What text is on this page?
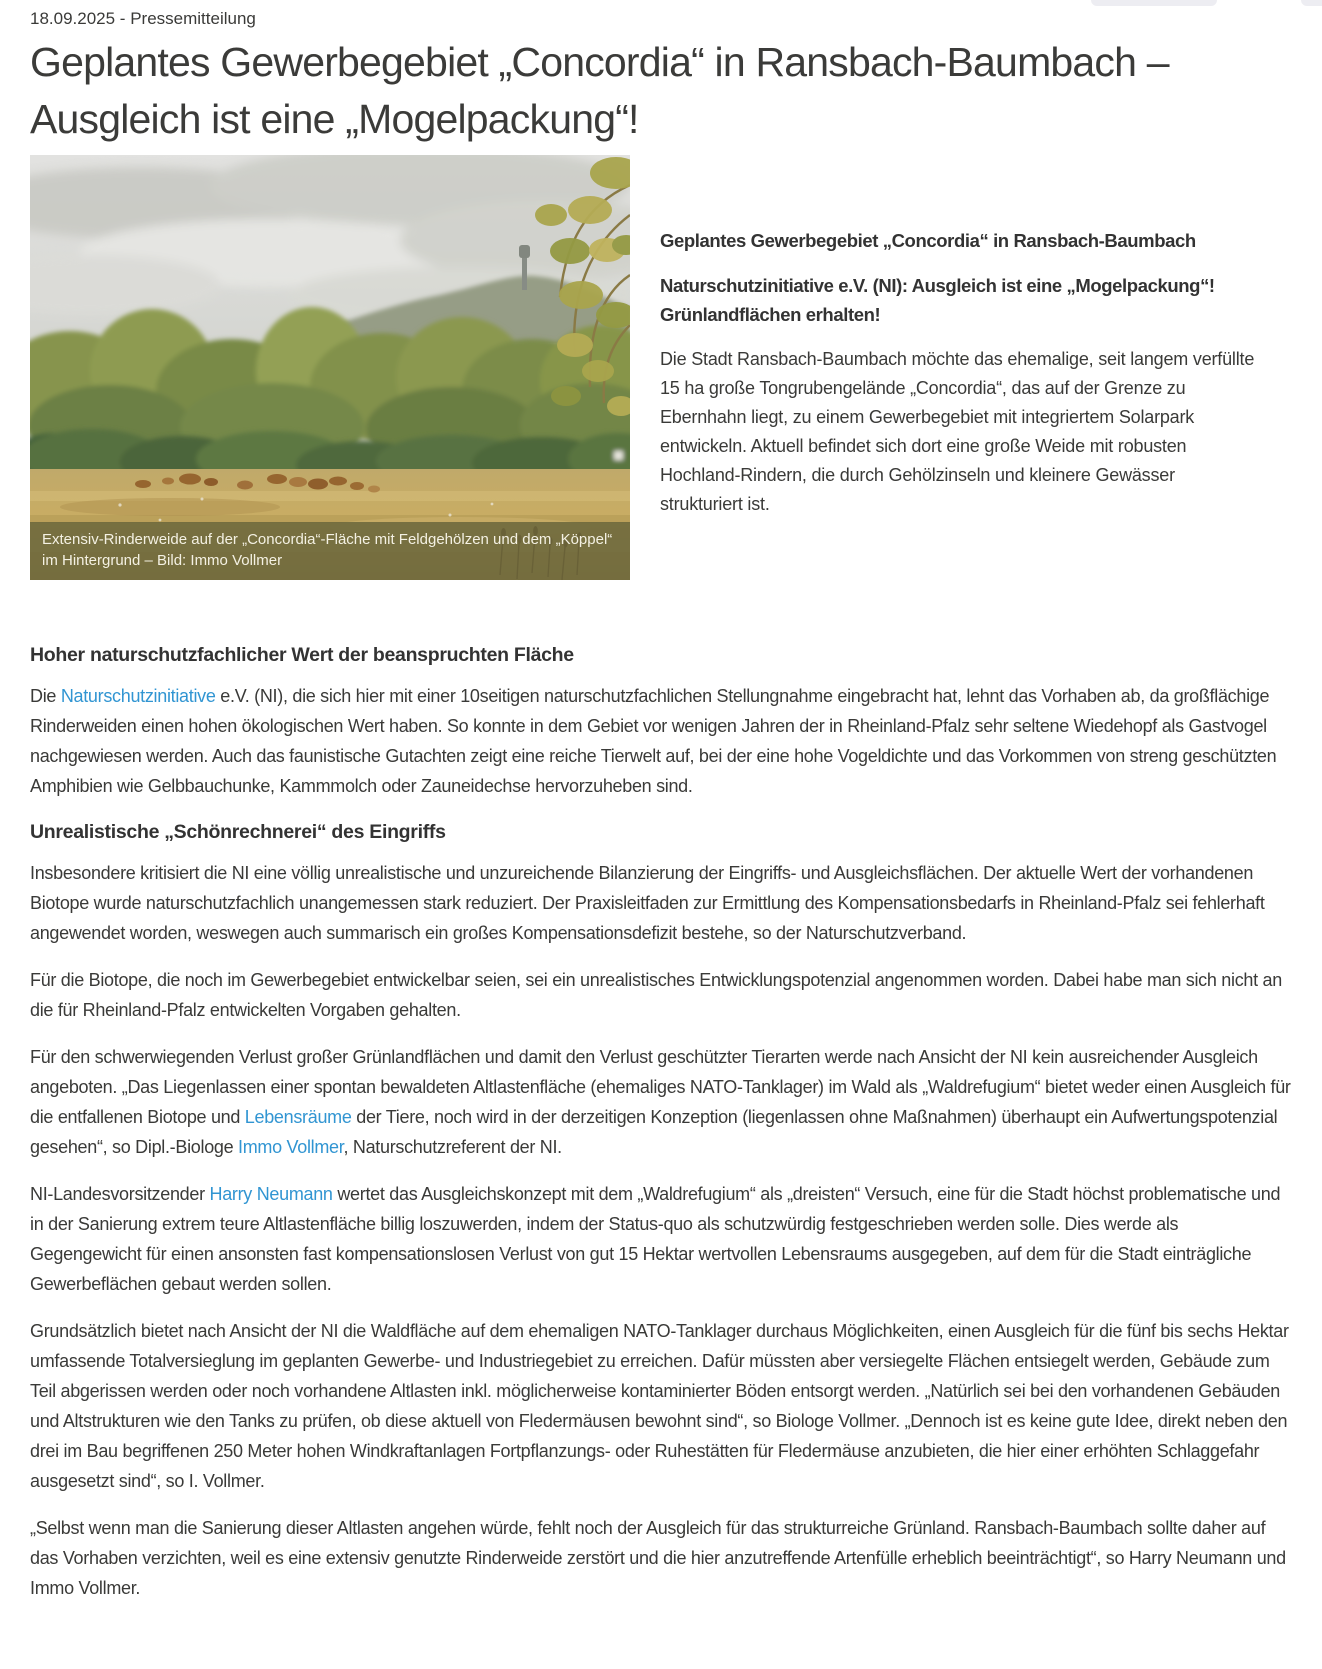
18.09.2025 - Pressemitteilung
Geplantes Gewerbegebiet „Concordia“ in Ransbach-Baumbach – Ausgleich ist eine „Mogelpackung“!
Extensiv-Rinderweide auf der „Concordia“-Fläche mit Feldgehölzen und dem „Köppel“ im Hintergrund – Bild: Immo Vollmer

Geplantes Gewerbegebiet „Concordia“ in Ransbach-Baumbach

Naturschutzinitiative e.V. (NI): Ausgleich ist eine „Mogelpackung“!
Grünlandflächen erhalten!

Die Stadt Ransbach-Baumbach möchte das ehemalige, seit langem verfüllte 15 ha große Tongrubengelände „Concordia“, das auf der Grenze zu Ebernhahn liegt, zu einem Gewerbegebiet mit integriertem Solarpark entwickeln. Aktuell befindet sich dort eine große Weide mit robusten Hochland-Rindern, die durch Gehölzinseln und kleinere Gewässer strukturiert ist.

Hoher naturschutzfachlicher Wert der beanspruchten Fläche

Die Naturschutzinitiative e.V. (NI), die sich hier mit einer 10seitigen naturschutzfachlichen Stellungnahme eingebracht hat, lehnt das Vorhaben ab, da großflächige Rinderweiden einen hohen ökologischen Wert haben. So konnte in dem Gebiet vor wenigen Jahren der in Rheinland-Pfalz sehr seltene Wiedehopf als Gastvogel nachgewiesen werden. Auch das faunistische Gutachten zeigt eine reiche Tierwelt auf, bei der eine hohe Vogeldichte und das Vorkommen von streng geschützten Amphibien wie Gelbbauchunke, Kammmolch oder Zauneidechse hervorzuheben sind.

Unrealistische „Schönrechnerei“ des Eingriffs

Insbesondere kritisiert die NI eine völlig unrealistische und unzureichende Bilanzierung der Eingriffs- und Ausgleichsflächen. Der aktuelle Wert der vorhandenen Biotope wurde naturschutzfachlich unangemessen stark reduziert. Der Praxisleitfaden zur Ermittlung des Kompensationsbedarfs in Rheinland-Pfalz sei fehlerhaft angewendet worden, weswegen auch summarisch ein großes Kompensationsdefizit bestehe, so der Naturschutzverband.

Für die Biotope, die noch im Gewerbegebiet entwickelbar seien, sei ein unrealistisches Entwicklungspotenzial angenommen worden. Dabei habe man sich nicht an die für Rheinland-Pfalz entwickelten Vorgaben gehalten.

Für den schwerwiegenden Verlust großer Grünlandflächen und damit den Verlust geschützter Tierarten werde nach Ansicht der NI kein ausreichender Ausgleich angeboten. „Das Liegenlassen einer spontan bewaldeten Altlastenfläche (ehemaliges NATO-Tanklager) im Wald als „Waldrefugium“ bietet weder einen Ausgleich für die entfallenen Biotope und Lebensräume der Tiere, noch wird in der derzeitigen Konzeption (liegenlassen ohne Maßnahmen) überhaupt ein Aufwertungspotenzial gesehen“, so Dipl.-Biologe Immo Vollmer, Naturschutzreferent der NI.

NI-Landesvorsitzender Harry Neumann wertet das Ausgleichskonzept mit dem „Waldrefugium“ als „dreisten“ Versuch, eine für die Stadt höchst problematische und in der Sanierung extrem teure Altlastenfläche billig loszuwerden, indem der Status-quo als schutzwürdig festgeschrieben werden solle. Dies werde als Gegengewicht für einen ansonsten fast kompensationslosen Verlust von gut 15 Hektar wertvollen Lebensraums ausgegeben, auf dem für die Stadt einträgliche Gewerbeflächen gebaut werden sollen.

Grundsätzlich bietet nach Ansicht der NI die Waldfläche auf dem ehemaligen NATO-Tanklager durchaus Möglichkeiten, einen Ausgleich für die fünf bis sechs Hektar umfassende Totalversieglung im geplanten Gewerbe- und Industriegebiet zu erreichen. Dafür müssten aber versiegelte Flächen entsiegelt werden, Gebäude zum Teil abgerissen werden oder noch vorhandene Altlasten inkl. möglicherweise kontaminierter Böden entsorgt werden. „Natürlich sei bei den vorhandenen Gebäuden und Altstrukturen wie den Tanks zu prüfen, ob diese aktuell von Fledermäusen bewohnt sind“, so Biologe Vollmer. „Dennoch ist es keine gute Idee, direkt neben den drei im Bau begriffenen 250 Meter hohen Windkraftanlagen Fortpflanzungs- oder Ruhestätten für Fledermäuse anzubieten, die hier einer erhöhten Schlaggefahr ausgesetzt sind“, so I. Vollmer.

„Selbst wenn man die Sanierung dieser Altlasten angehen würde, fehlt noch der Ausgleich für das strukturreiche Grünland. Ransbach-Baumbach sollte daher auf das Vorhaben verzichten, weil es eine extensiv genutzte Rinderweide zerstört und die hier anzutreffende Artenfülle erheblich beeinträchtigt“, so Harry Neumann und Immo Vollmer.
